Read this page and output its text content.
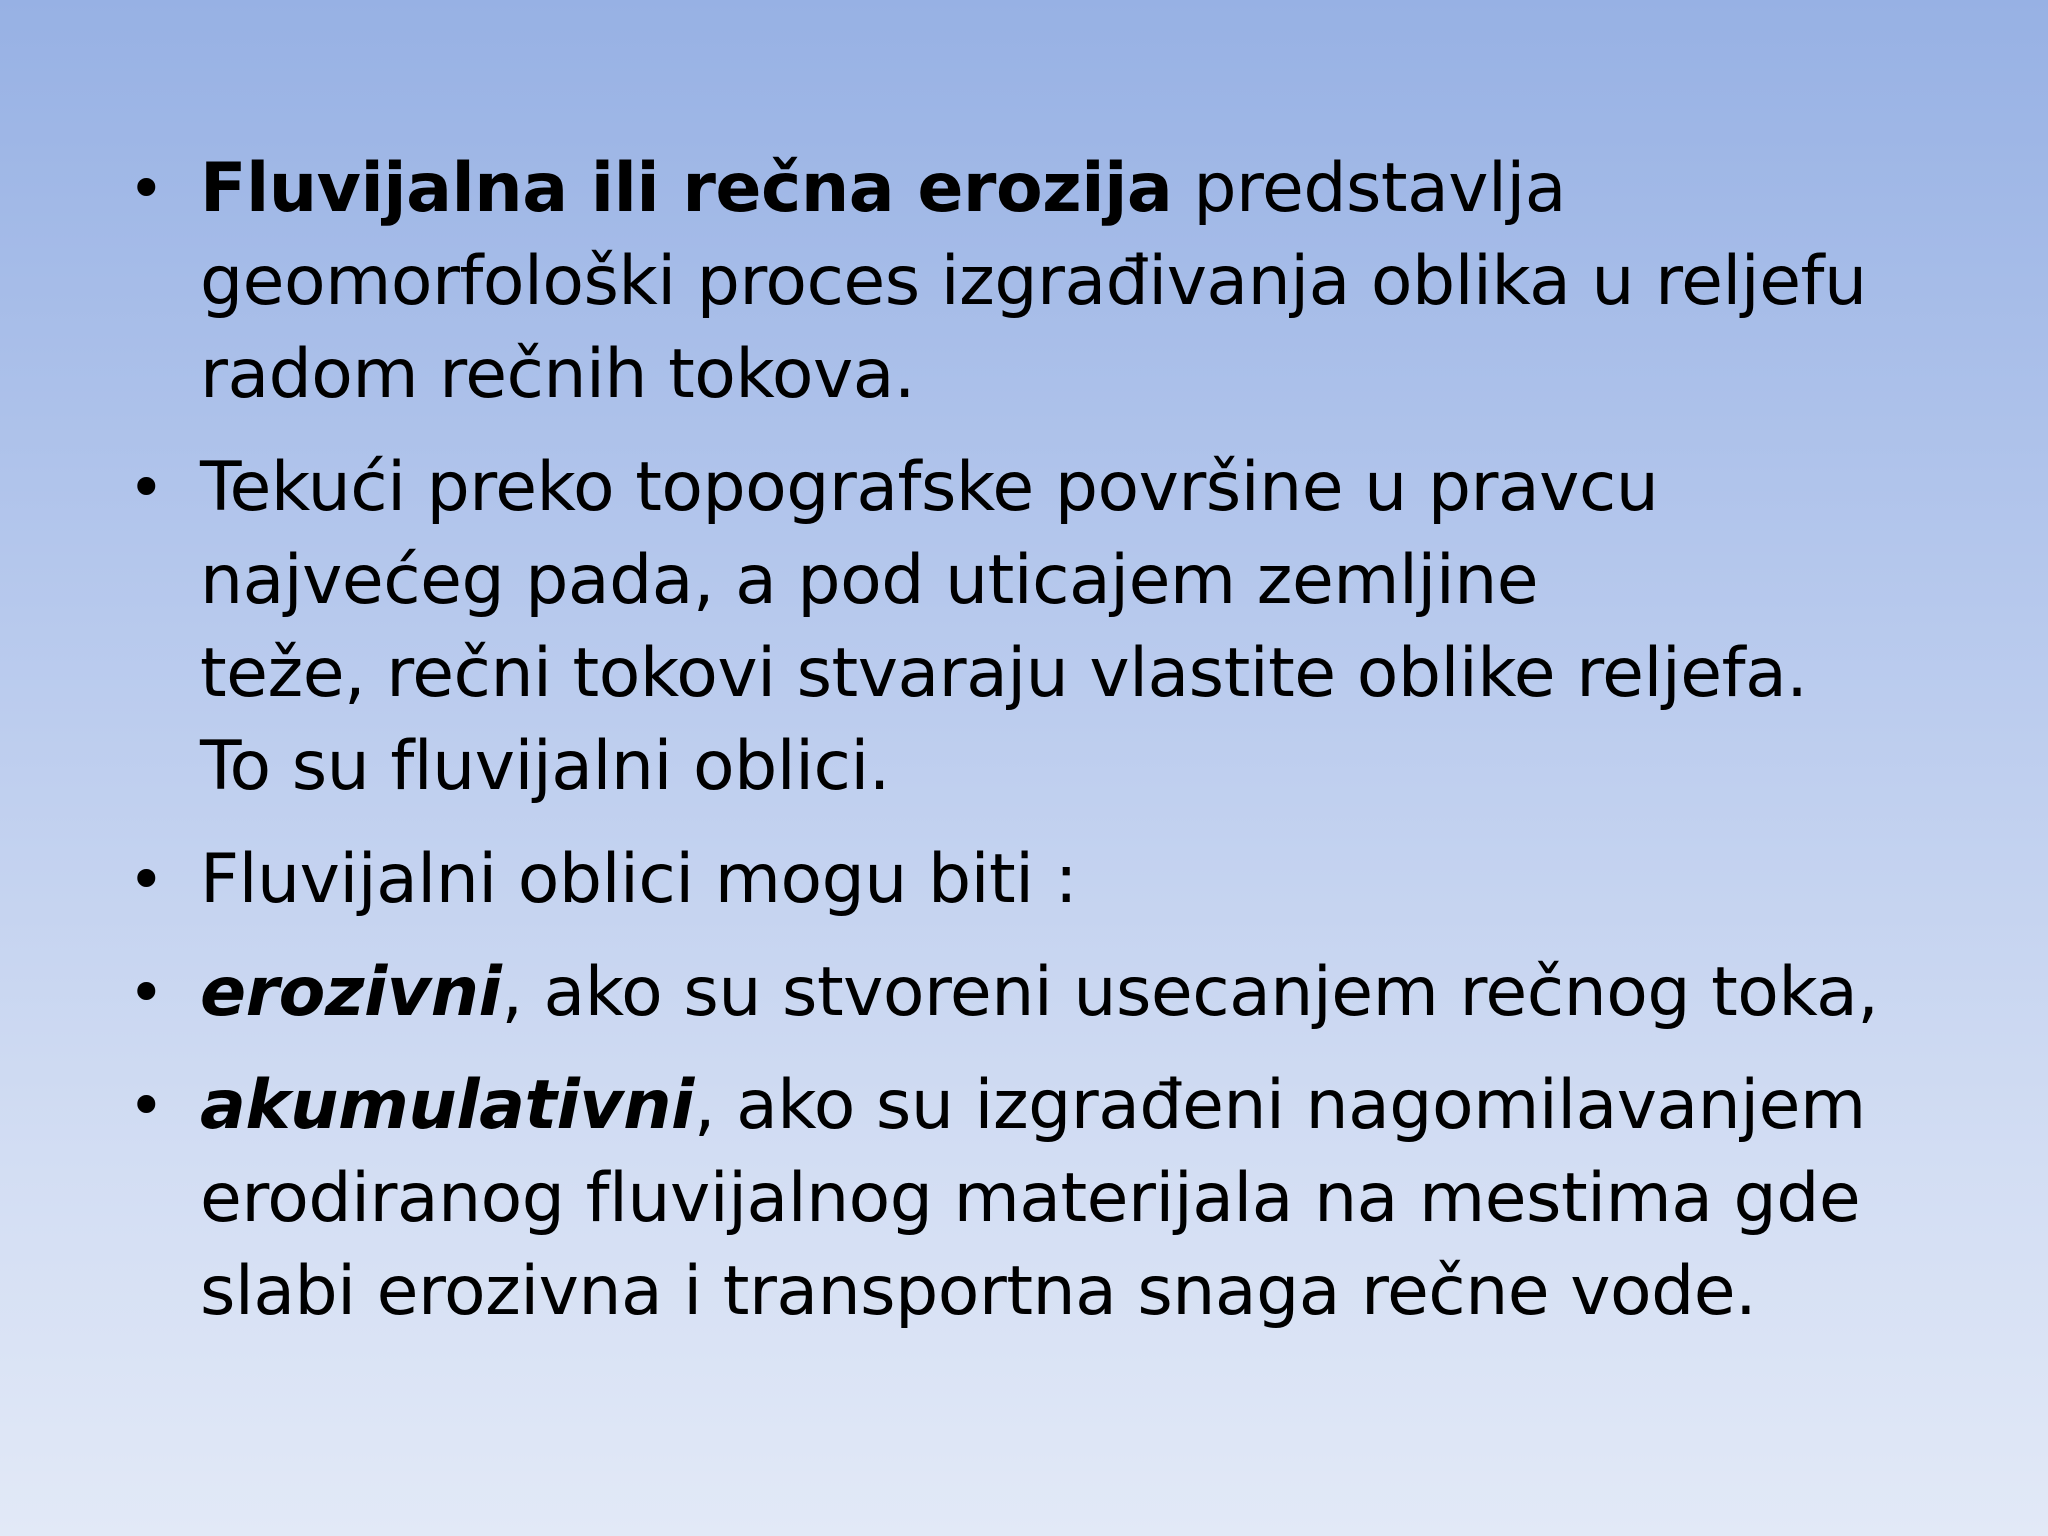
• Fluvijalna ili rečna erozija predstavlja
geomorfološki proces izgrađivanja oblika u reljefu
radom rečnih tokova.
• Tekući preko topografske površine u pravcu
najvećeg pada, a pod uticajem zemljine
teže, rečni tokovi stvaraju vlastite oblike reljefa.
To su fluvijalni oblici.
• Fluvijalni oblici mogu biti :
• erozivni, ako su stvoreni usecanjem rečnog toka,
• akumulativni, ako su izgrađeni nagomilavanjem
erodiranog fluvijalnog materijala na mestima gde
slabi erozivna i transportna snaga rečne vode.
